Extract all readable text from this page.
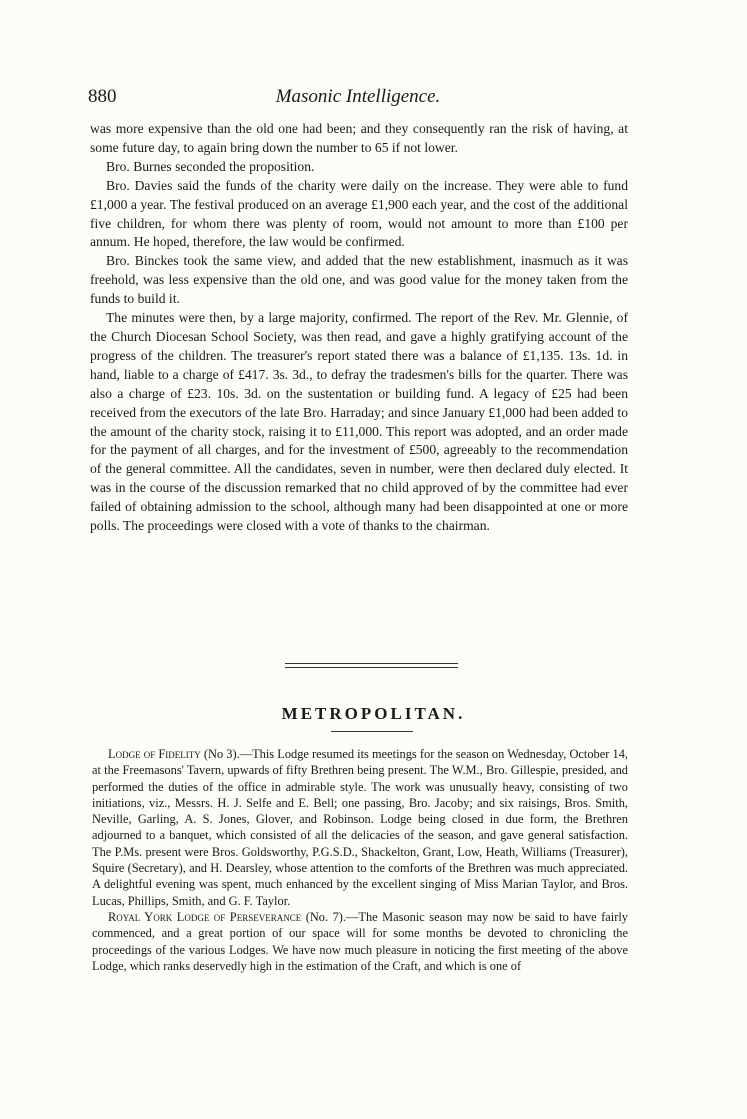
880	Masonic Intelligence.

was more expensive than the old one had been; and they consequently ran the risk of having, at some future day, to again bring down the number to 65 if not lower.

Bro. Burnes seconded the proposition.

Bro. Davies said the funds of the charity were daily on the increase. They were able to fund £1,000 a year. The festival produced on an average £1,900 each year, and the cost of the additional five children, for whom there was plenty of room, would not amount to more than £100 per annum. He hoped, therefore, the law would be confirmed.

Bro. Binckes took the same view, and added that the new establishment, inasmuch as it was freehold, was less expensive than the old one, and was good value for the money taken from the funds to build it.

The minutes were then, by a large majority, confirmed. The report of the Rev. Mr. Glennie, of the Church Diocesan School Society, was then read, and gave a highly gratifying account of the progress of the children. The treasurer's report stated there was a balance of £1,135. 13s. 1d. in hand, liable to a charge of £417. 3s. 3d., to defray the tradesmen's bills for the quarter. There was also a charge of £23. 10s. 3d. on the sustentation or building fund. A legacy of £25 had been received from the executors of the late Bro. Harraday; and since January £1,000 had been added to the amount of the charity stock, raising it to £11,000. This report was adopted, and an order made for the payment of all charges, and for the investment of £500, agreeably to the recommendation of the general committee. All the candidates, seven in number, were then declared duly elected. It was in the course of the discussion remarked that no child approved of by the committee had ever failed of obtaining admission to the school, although many had been disappointed at one or more polls. The proceedings were closed with a vote of thanks to the chairman.

METROPOLITAN.

Lodge of Fidelity (No 3).—This Lodge resumed its meetings for the season on Wednesday, October 14, at the Freemasons' Tavern, upwards of fifty Brethren being present. The W.M., Bro. Gillespie, presided, and performed the duties of the office in admirable style. The work was unusually heavy, consisting of two initiations, viz., Messrs. H. J. Selfe and E. Bell; one passing, Bro. Jacoby; and six raisings, Bros. Smith, Neville, Garling, A. S. Jones, Glover, and Robinson. Lodge being closed in due form, the Brethren adjourned to a banquet, which consisted of all the delicacies of the season, and gave general satisfaction. The P.Ms. present were Bros. Goldsworthy, P.G.S.D., Shackelton, Grant, Low, Heath, Williams (Treasurer), Squire (Secretary), and H. Dearsley, whose attention to the comforts of the Brethren was much appreciated. A delightful evening was spent, much enhanced by the excellent singing of Miss Marian Taylor, and Bros. Lucas, Phillips, Smith, and G. F. Taylor.

Royal York Lodge of Perseverance (No. 7).—The Masonic season may now be said to have fairly commenced, and a great portion of our space will for some months be devoted to chronicling the proceedings of the various Lodges. We have now much pleasure in noticing the first meeting of the above Lodge, which ranks deservedly high in the estimation of the Craft, and which is one of
